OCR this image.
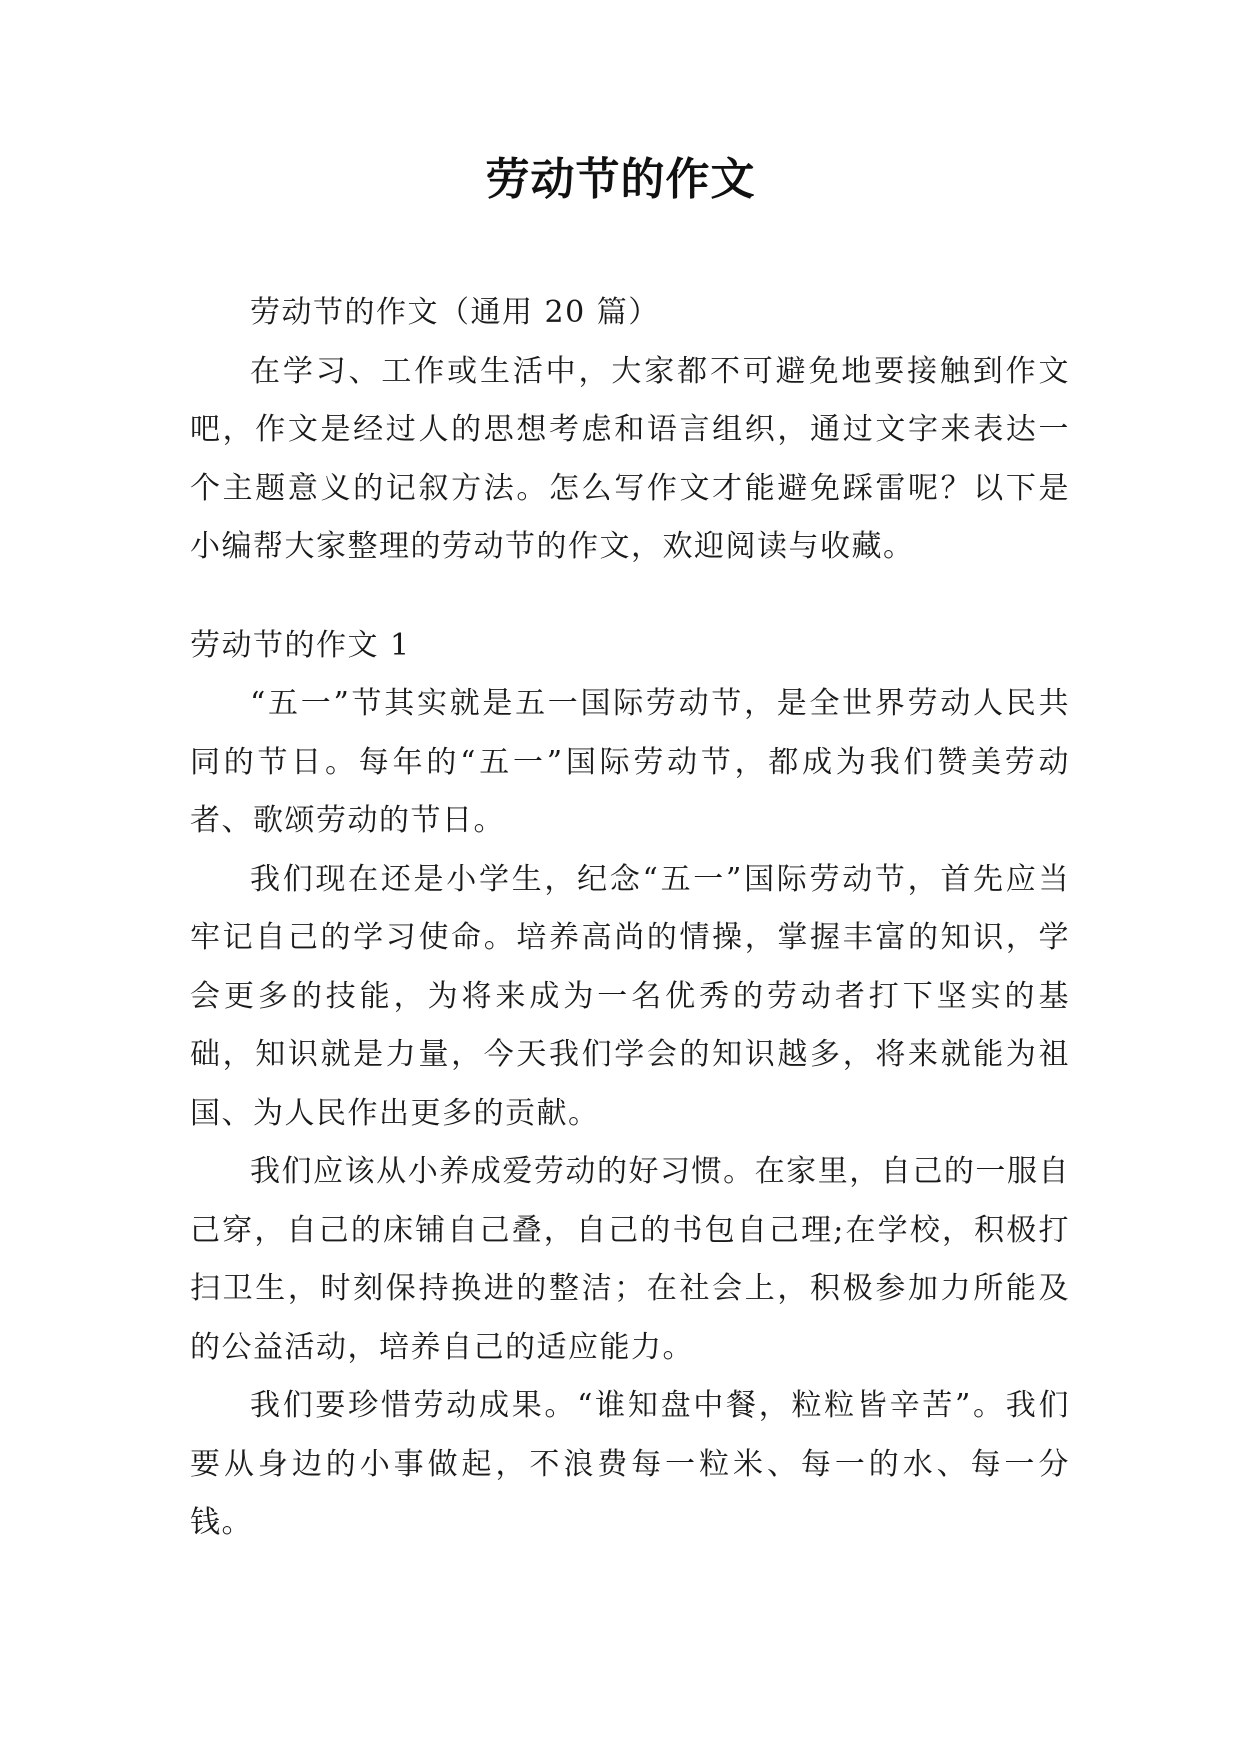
劳动节的作文

劳动节的作文（通用 20 篇）

在学习、工作或生活中，大家都不可避免地要接触到作文吧，作文是经过人的思想考虑和语言组织，通过文字来表达一个主题意义的记叙方法。怎么写作文才能避免踩雷呢？以下是小编帮大家整理的劳动节的作文，欢迎阅读与收藏。

劳动节的作文 1

“五一”节其实就是五一国际劳动节，是全世界劳动人民共同的节日。每年的“五一”国际劳动节，都成为我们赞美劳动者、歌颂劳动的节日。

我们现在还是小学生，纪念“五一”国际劳动节，首先应当牢记自己的学习使命。培养高尚的情操，掌握丰富的知识，学会更多的技能，为将来成为一名优秀的劳动者打下坚实的基础，知识就是力量，今天我们学会的知识越多，将来就能为祖国、为人民作出更多的贡献。

我们应该从小养成爱劳动的好习惯。在家里，自己的一服自己穿，自己的床铺自己叠，自己的书包自己理;在学校，积极打扫卫生，时刻保持换进的整洁；在社会上，积极参加力所能及的公益活动，培养自己的适应能力。

我们要珍惜劳动成果。“谁知盘中餐，粒粒皆辛苦”。我们要从身边的小事做起，不浪费每一粒米、每一的水、每一分钱。
